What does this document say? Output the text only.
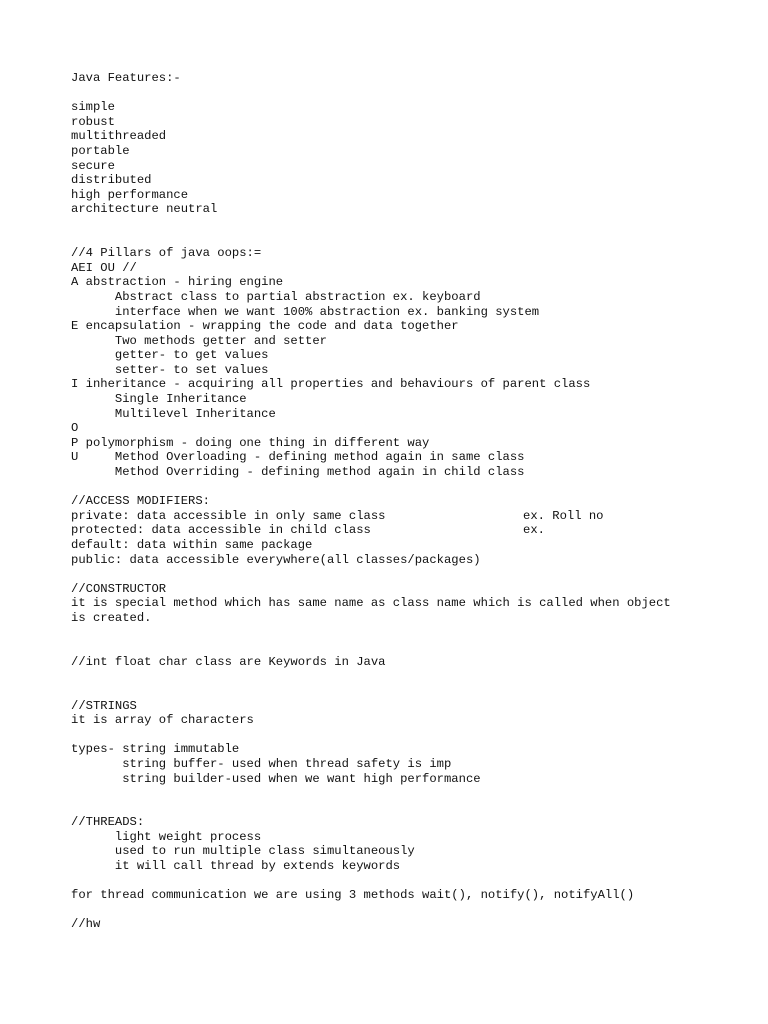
Java Features:-
simple
robust
multithreaded
portable
secure
distributed
high performance
architecture neutral
//4 Pillars of java oops:=
AEI OU //
A abstraction - hiring engine
Abstract class to partial abstraction ex. keyboard
interface when we want 100% abstraction ex. banking system
E encapsulation - wrapping the code and data together
Two methods getter and setter
getter- to get values
setter- to set values
I inheritance - acquiring all properties and behaviours of parent class
Single Inheritance
Multilevel Inheritance
O
P polymorphism - doing one thing in different way
U     Method Overloading - defining method again in same class
Method Overriding - defining method again in child class
//ACCESS MODIFIERS:
private: data accessible in only same class	ex. Roll no
protected: data accessible in child class	ex.
default: data within same package
public: data accessible everywhere(all classes/packages)
//CONSTRUCTOR
it is special method which has same name as class name which is called when object
is created.
//int float char class are Keywords in Java
//STRINGS
it is array of characters
types- string immutable
string buffer- used when thread safety is imp
string builder-used when we want high performance
//THREADS:
light weight process
used to run multiple class simultaneously
it will call thread by extends keywords
for thread communication we are using 3 methods wait(), notify(), notifyAll()
//hw
